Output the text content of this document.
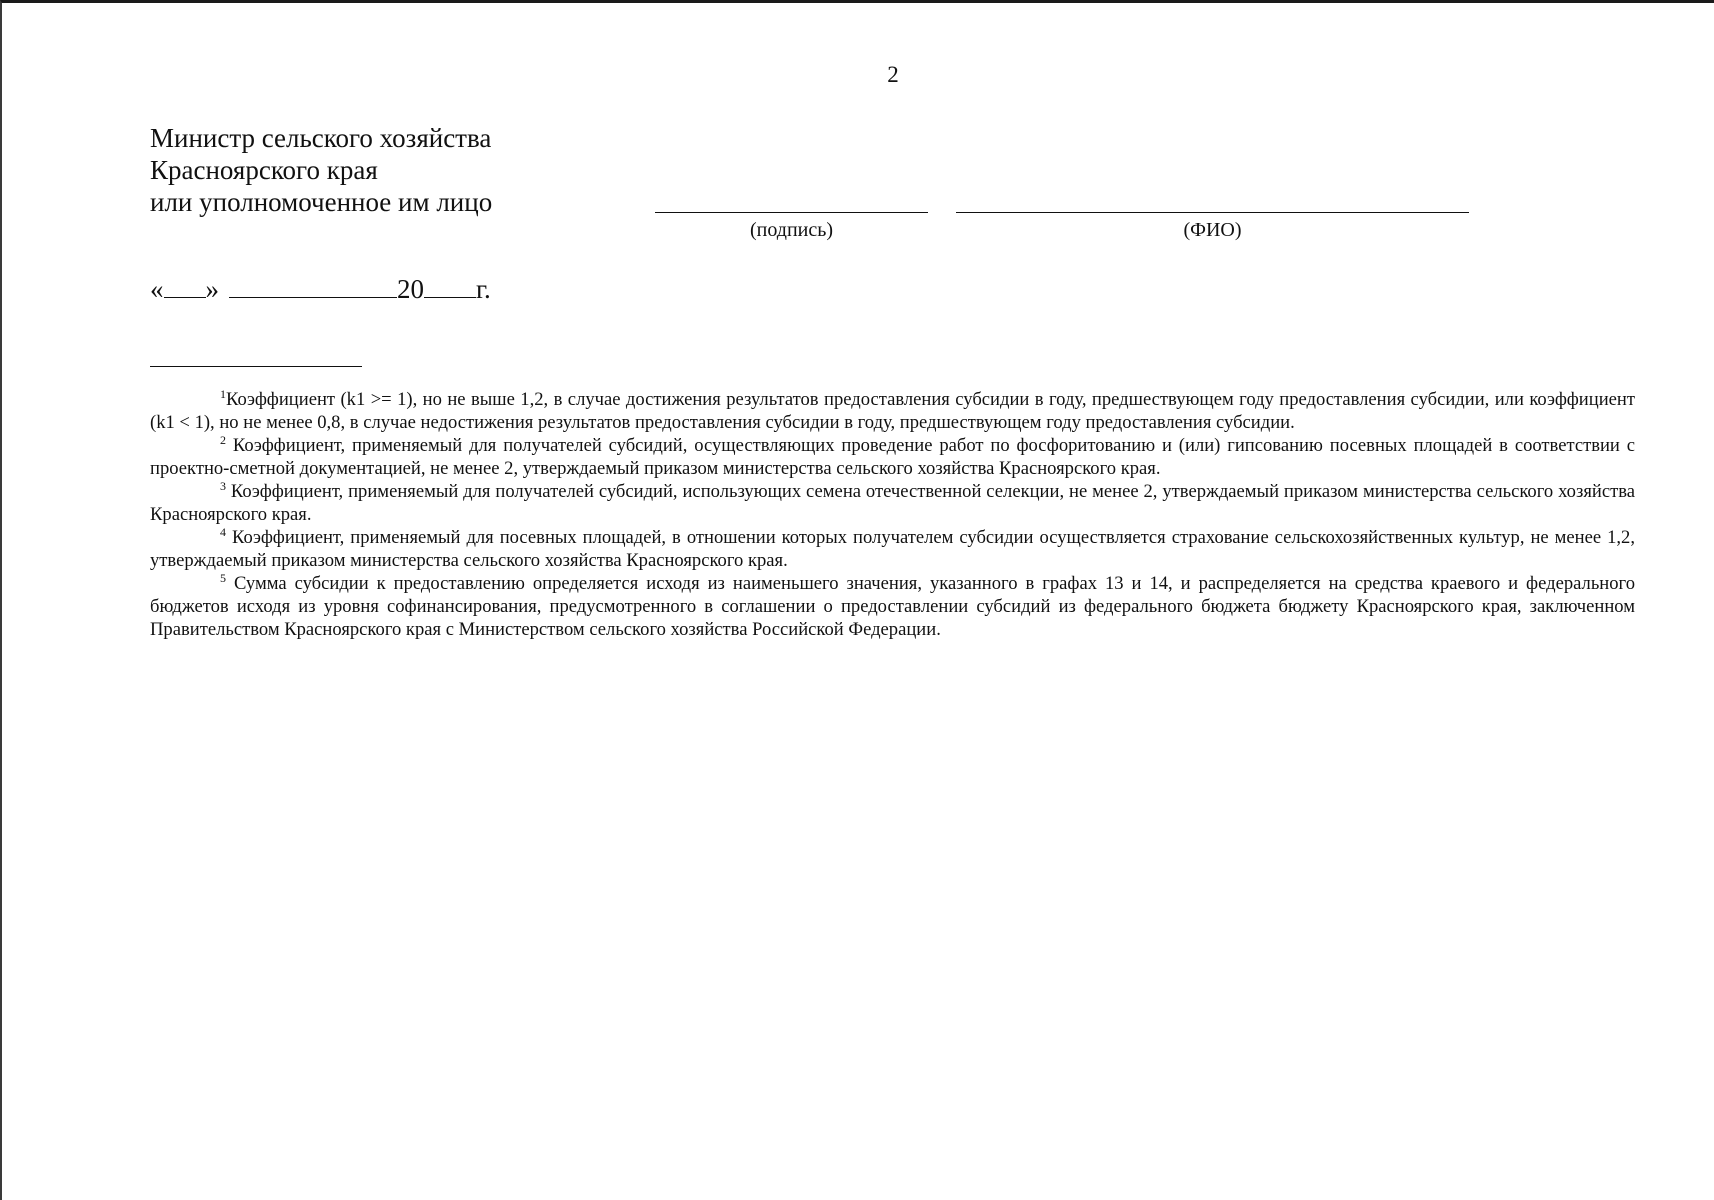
2
Министр сельского хозяйства
Красноярского края
или уполномоченное им лицо
(подпись)	(ФИО)
« »	20 г.

$^1$Коэффициент (k1 >= 1), но не выше 1,2, в случае достижения результатов предоставления субсидии в году, предшествующем году предоставления субсидии, или коэффициент (k1 < 1), но не менее 0,8, в случае недостижения результатов предоставления субсидии в году, предшествующем году предоставления субсидии.

$^2$ Коэффициент, применяемый для получателей субсидий, осуществляющих проведение работ по фосфоритованию и (или) гипсованию посевных площадей в соответствии с проектно-сметной документацией, не менее 2, утверждаемый приказом министерства сельского хозяйства Красноярского края.

$^3$ Коэффициент, применяемый для получателей субсидий, использующих семена отечественной селекции, не менее 2, утверждаемый приказом министерства сельского хозяйства Красноярского края.

$^4$ Коэффициент, применяемый для посевных площадей, в отношении которых получателем субсидии осуществляется страхование сельскохозяйственных культур, не менее 1,2, утверждаемый приказом министерства сельского хозяйства Красноярского края.

$^5$ Сумма субсидии к предоставлению определяется исходя из наименьшего значения, указанного в графах 13 и 14, и распределяется на средства краевого и федерального бюджетов исходя из уровня софинансирования, предусмотренного в соглашении о предоставлении субсидий из федерального бюджета бюджету Красноярского края, заключенном Правительством Красноярского края с Министерством сельского хозяйства Российской Федерации.
